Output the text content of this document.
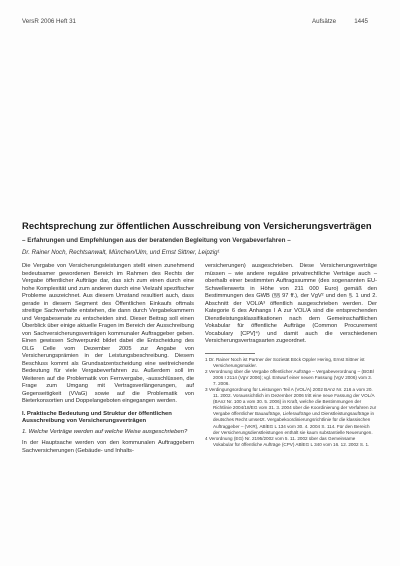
VersR 2006 Heft 31	Aufsätze	1445
Rechtsprechung zur öffentlichen Ausschreibung von Versicherungsverträgen
– Erfahrungen und Empfehlungen aus der beratenden Begleitung von Vergabeverfahren –
Dr. Rainer Noch, Rechtsanwalt, München/Ulm, und Ernst Sittner, Leipzig¹

Die Vergabe von Versicherungsleistungen stellt einen zunehmend bedeutsamer gewordenen Bereich im Rahmen des Rechts der Vergabe öffentlicher Aufträge dar, das sich zum einen durch eine hohe Komplexität und zum anderen durch eine Vielzahl spezifischer Probleme auszeichnet. Aus diesem Umstand resultiert auch, dass gerade in diesem Segment des Öffentlichen Einkaufs oftmals streitige Sachverhalte entstehen, die dann durch Vergabekammern und Vergabesenate zu entscheiden sind. Dieser Beitrag soll einen Überblick über einige aktuelle Fragen im Bereich der Ausschreibung von Sachversicherungsverträgen kommunaler Auftraggeber geben. Einen gewissen Schwerpunkt bildet dabei die Entscheidung des OLG Celle vom Dezember 2005 zur Angabe von Versicherungsprämien in der Leistungsbeschreibung. Diesem Beschluss kommt als Grundsatzentscheidung eine weitreichende Bedeutung für viele Vergabeverfahren zu. Außerdem soll im Weiteren auf die Problematik von Fernvergabe, -ausschlüssen, die Frage zum Umgang mit Vertragsverlängerungen, auf Gegenseitigkeit (VVaG) sowie auf die Problematik von Bieterkonsortien und Doppelangeboten eingegangen werden.

I. Praktische Bedeutung und Struktur der öffentlichen Ausschreibung von Versicherungsverträgen

1. Welche Verträge werden auf welche Weise ausgeschrieben?

In der Hauptsache werden von den kommunalen Auftraggebern Sachversicherungen (Gebäude- und Inhalts-

versicherungen) ausgeschrieben. Diese Versicherungsverträge müssen – wie andere reguläre privatrechtliche Verträge auch – oberhalb einer bestimmten Auftragssumme (des sogenannten EU-Schwellenwerts in Höhe von 211 000 Euro) gemäß den Bestimmungen des GWB (§§ 97 ff.), der VgV² und den §. 1 und 2. Abschnitt der VOL/A³ öffentlich ausgeschrieben werden. Der Kategorie 6 des Anhangs I A zur VOL/A sind die entsprechenden Dienstleistungsklassifikationen nach dem Gemeinschaftlichen Vokabular für öffentliche Aufträge (Common Procurement Vocabulary [CPV]⁴) und damit auch die verschiedenen Versicherungsvertragsarten zugeordnet.

1 Dr. Rainer Noch ist Partner der Sozietät Böck Oppler Hering, Ernst Sittner ist Versicherungsmakler.
2 Verordnung über die Vergabe öffentlicher Aufträge – Vergabeverordnung – (BGBl 2006 I 2114 (VgV 2006); vgl. Entwurf einer neuen Fassung (VgV 2006) vom 3. 7. 2006.
3 Verdingungsordnung für Leistungen Teil A (VOL/A) 2002 BAnz Nr. 216 a vom 20. 11. 2002. Voraussichtlich im Dezember 2006 tritt eine neue Fassung der VOL/A (BAnz Nr. 100 a vom 30. 5. 2006) in Kraft, welche die Bestimmungen der Richtlinie 2004/18/EG vom 31. 3. 2004 über die Koordinierung der Verfahren zur Vergabe öffentlicher Bauaufträge, Lieferaufträge und Dienstleistungsaufträge in deutsches Recht umsetzt. Vergabekoordinierungsrichtlinie für die klassischen Auftraggeber – (VKR), ABlEG L 134 vom 30. 4. 2004 S. 114. Für den Bereich der Versicherungsdienstleistungen enthält sie kaum substantielle Neuerungen.
4 Verordnung (EG) Nr. 2195/2002 vom 5. 11. 2002 über das Gemeinsame Vokabular für öffentliche Aufträge (CPV) ABlEG L 340 vom 16. 12. 2002 S. 1.
